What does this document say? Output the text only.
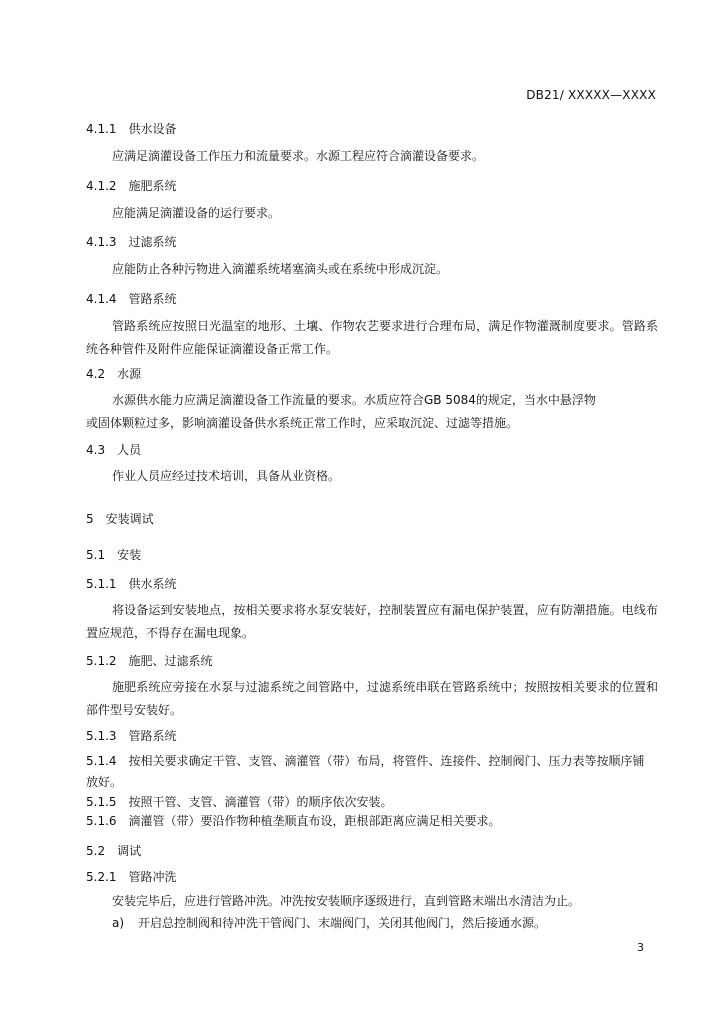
DB21/ XXXXX—XXXX
4.1.1 供水设备
应满足滴灌设备工作压力和流量要求。水源工程应符合滴灌设备要求。
4.1.2 施肥系统
应能满足滴灌设备的运行要求。
4.1.3 过滤系统
应能防止各种污物进入滴灌系统堵塞滴头或在系统中形成沉淀。
4.1.4 管路系统
管路系统应按照日光温室的地形、土壤、作物农艺要求进行合理布局，满足作物灌溉制度要求。管路系统各种管件及附件应能保证滴灌设备正常工作。
4.2 水源
水源供水能力应满足滴灌设备工作流量的要求。水质应符合GB 5084的规定，当水中悬浮物
或固体颗粒过多，影响滴灌设备供水系统正常工作时，应采取沉淀、过滤等措施。
4.3 人员
作业人员应经过技术培训，具备从业资格。
5 安装调试
5.1 安装
5.1.1 供水系统
将设备运到安装地点，按相关要求将水泵安装好，控制装置应有漏电保护装置，应有防潮措施。电线布置应规范，不得存在漏电现象。
5.1.2 施肥、过滤系统
施肥系统应旁接在水泵与过滤系统之间管路中，过滤系统串联在管路系统中；按照按相关要求的位置和部件型号安装好。
5.1.3 管路系统
5.1.4 按相关要求确定干管、支管、滴灌管（带）布局，将管件、连接件、控制阀门、压力表等按顺序铺
放好。
5.1.5 按照干管、支管、滴灌管（带）的顺序依次安装。
5.1.6 滴灌管（带）要沿作物种植垄顺直布设，距根部距离应满足相关要求。
5.2 调试
5.2.1 管路冲洗
安装完毕后，应进行管路冲洗。冲洗按安装顺序逐级进行，直到管路末端出水清洁为止。
a) 开启总控制阀和待冲洗干管阀门、末端阀门，关闭其他阀门，然后接通水源。
3
